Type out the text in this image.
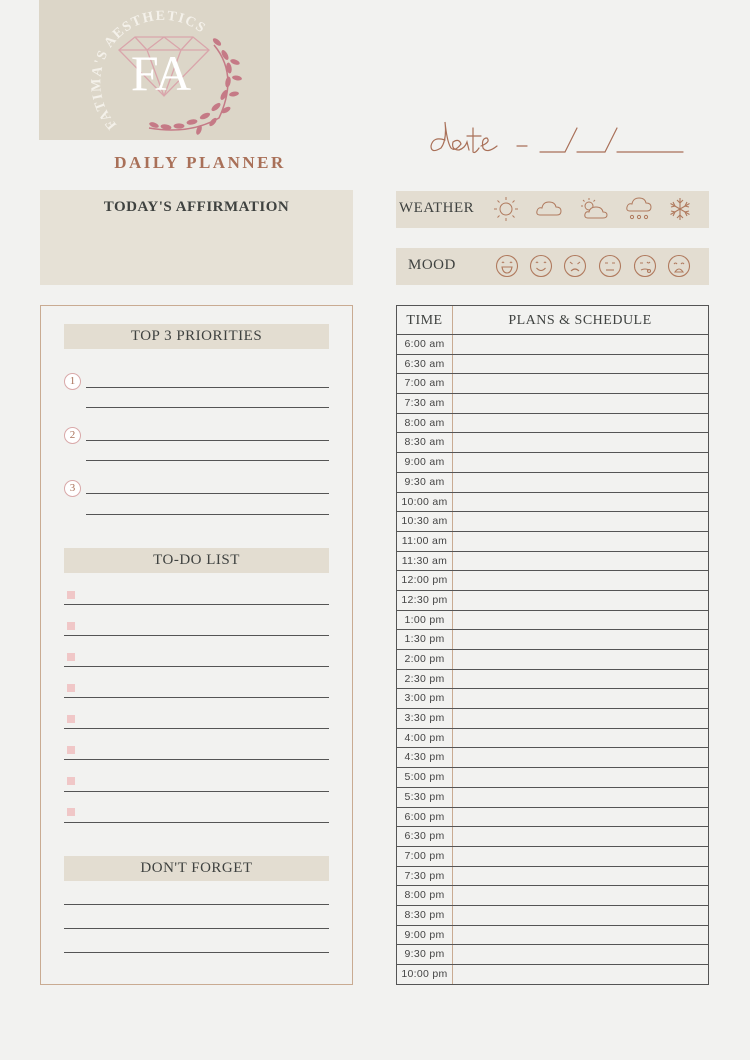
FATIMA'S AESTHETICS
FA
DAILY PLANNER
TODAY'S AFFIRMATION	WEATHER
MOOD
TOP 3 PRIORITIES
1
2
3
TO-DO LIST
DON'T FORGET
TIME	PLANS & SCHEDULE
6:00 am
6:30 am
7:00 am
7:30 am
8:00 am
8:30 am
9:00 am
9:30 am
10:00 am
10:30 am
11:00 am
11:30 am
12:00 pm
12:30 pm
1:00 pm
1:30 pm
2:00 pm
2:30 pm
3:00 pm
3:30 pm
4:00 pm
4:30 pm
5:00 pm
5:30 pm
6:00 pm
6:30 pm
7:00 pm
7:30 pm
8:00 pm
8:30 pm
9:00 pm
9:30 pm
10:00 pm
